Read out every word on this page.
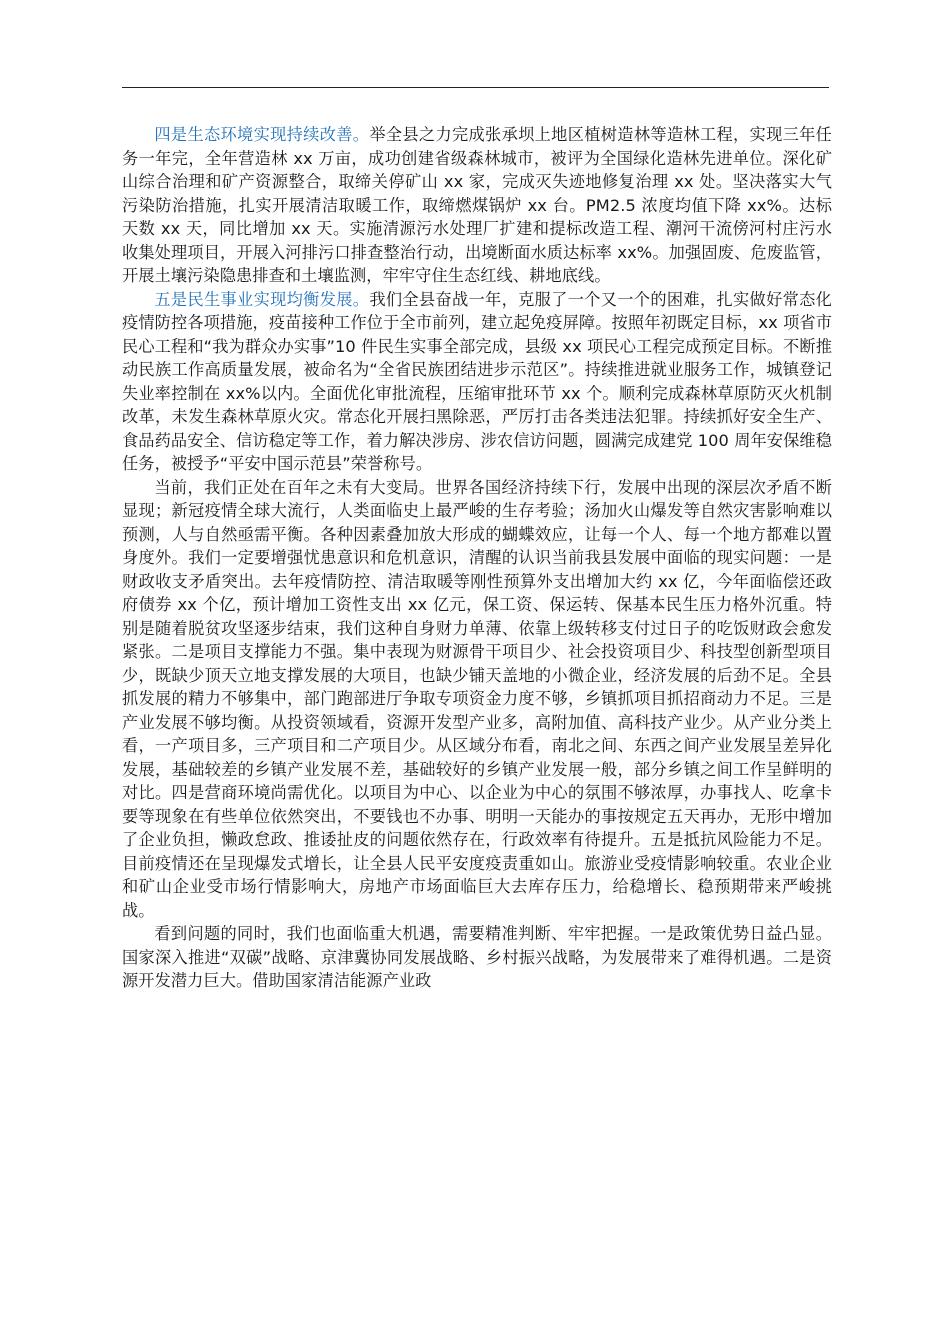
四是生态环境实现持续改善。举全县之力完成张承坝上地区植树造林等造林工程，实现三年任务一年完，全年营造林 xx 万亩，成功创建省级森林城市，被评为全国绿化造林先进单位。深化矿山综合治理和矿产资源整合，取缔关停矿山 xx 家，完成灭失迹地修复治理 xx 处。坚决落实大气污染防治措施，扎实开展清洁取暖工作，取缔燃煤锅炉 xx 台。PM2.5 浓度均值下降 xx%。达标天数 xx 天，同比增加 xx 天。实施清源污水处理厂扩建和提标改造工程、潮河干流傍河村庄污水收集处理项目，开展入河排污口排查整治行动，出境断面水质达标率 xx%。加强固废、危废监管，开展土壤污染隐患排查和土壤监测，牢牢守住生态红线、耕地底线。

五是民生事业实现均衡发展。我们全县奋战一年，克服了一个又一个的困难，扎实做好常态化疫情防控各项措施，疫苗接种工作位于全市前列，建立起免疫屏障。按照年初既定目标，xx 项省市民心工程和“我为群众办实事”10 件民生实事全部完成，县级 xx 项民心工程完成预定目标。不断推动民族工作高质量发展，被命名为“全省民族团结进步示范区”。持续推进就业服务工作，城镇登记失业率控制在 xx%以内。全面优化审批流程，压缩审批环节 xx 个。顺利完成森林草原防灭火机制改革，未发生森林草原火灾。常态化开展扫黑除恶，严厉打击各类违法犯罪。持续抓好安全生产、食品药品安全、信访稳定等工作，着力解决涉房、涉农信访问题，圆满完成建党 100 周年安保维稳任务，被授予“平安中国示范县”荣誉称号。

当前，我们正处在百年之未有大变局。世界各国经济持续下行，发展中出现的深层次矛盾不断显现；新冠疫情全球大流行，人类面临史上最严峻的生存考验；汤加火山爆发等自然灾害影响难以预测，人与自然亟需平衡。各种因素叠加放大形成的蝴蝶效应，让每一个人、每一个地方都难以置身度外。我们一定要增强忧患意识和危机意识，清醒的认识当前我县发展中面临的现实问题：一是财政收支矛盾突出。去年疫情防控、清洁取暖等刚性预算外支出增加大约 xx 亿，今年面临偿还政府债券 xx 个亿，预计增加工资性支出 xx 亿元，保工资、保运转、保基本民生压力格外沉重。特别是随着脱贫攻坚逐步结束，我们这种自身财力单薄、依靠上级转移支付过日子的吃饭财政会愈发紧张。二是项目支撑能力不强。集中表现为财源骨干项目少、社会投资项目少、科技型创新型项目少，既缺少顶天立地支撑发展的大项目，也缺少铺天盖地的小微企业，经济发展的后劲不足。全县抓发展的精力不够集中，部门跑部进厅争取专项资金力度不够，乡镇抓项目抓招商动力不足。三是产业发展不够均衡。从投资领域看，资源开发型产业多，高附加值、高科技产业少。从产业分类上看，一产项目多，三产项目和二产项目少。从区域分布看，南北之间、东西之间产业发展呈差异化发展，基础较差的乡镇产业发展不差，基础较好的乡镇产业发展一般，部分乡镇之间工作呈鲜明的对比。四是营商环境尚需优化。以项目为中心、以企业为中心的氛围不够浓厚，办事找人、吃拿卡要等现象在有些单位依然突出，不要钱也不办事、明明一天能办的事按规定五天再办，无形中增加了企业负担，懒政怠政、推诿扯皮的问题依然存在，行政效率有待提升。五是抵抗风险能力不足。目前疫情还在呈现爆发式增长，让全县人民平安度疫责重如山。旅游业受疫情影响较重。农业企业和矿山企业受市场行情影响大，房地产市场面临巨大去库存压力，给稳增长、稳预期带来严峻挑战。

看到问题的同时，我们也面临重大机遇，需要精准判断、牢牢把握。一是政策优势日益凸显。国家深入推进“双碳”战略、京津冀协同发展战略、乡村振兴战略，为发展带来了难得机遇。二是资源开发潜力巨大。借助国家清洁能源产业政
